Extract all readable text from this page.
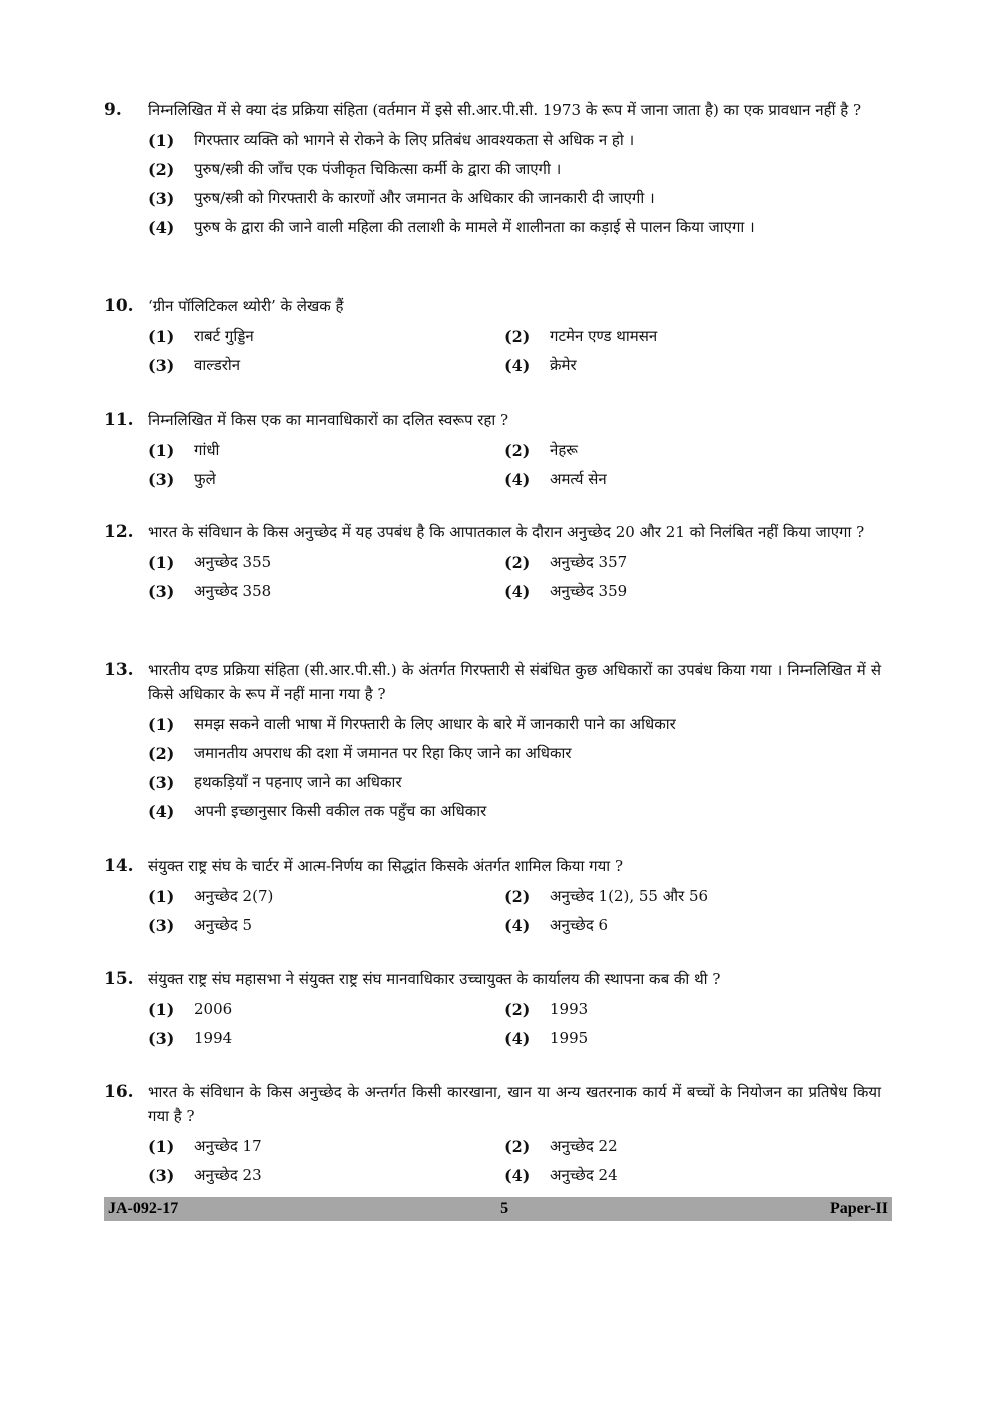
9.	निम्नलिखित में से क्या दंड प्रक्रिया संहिता (वर्तमान में इसे सी.आर.पी.सी. 1973 के रूप में जाना जाता है) का एक प्रावधान नहीं है ?
(1)	गिरफ्तार व्यक्ति को भागने से रोकने के लिए प्रतिबंध आवश्यकता से अधिक न हो ।
(2)	पुरुष/स्त्री की जाँच एक पंजीकृत चिकित्सा कर्मी के द्वारा की जाएगी ।
(3)	पुरुष/स्त्री को गिरफ्तारी के कारणों और जमानत के अधिकार की जानकारी दी जाएगी ।
(4)	पुरुष के द्वारा की जाने वाली महिला की तलाशी के मामले में शालीनता का कड़ाई से पालन किया जाएगा ।
10. ‘ग्रीन पॉलिटिकल थ्योरी’ के लेखक हैं
(1)	राबर्ट गुड्डिन	(2)	गटमेन एण्ड थामसन
(3)	वाल्डरोन	(4)	क्रेमेर
11. निम्नलिखित में किस एक का मानवाधिकारों का दलित स्वरूप रहा ?
(1)	गांधी	(2)	नेहरू
(3)	फुले	(4)	अमर्त्य सेन
12. भारत के संविधान के किस अनुच्छेद में यह उपबंध है कि आपातकाल के दौरान अनुच्छेद 20 और 21 को निलंबित नहीं किया जाएगा ?
(1)	अनुच्छेद 355	(2)	अनुच्छेद 357
(3)	अनुच्छेद 358	(4)	अनुच्छेद 359
13. भारतीय दण्ड प्रक्रिया संहिता (सी.आर.पी.सी.) के अंतर्गत गिरफ्तारी से संबंधित कुछ अधिकारों का उपबंध किया गया । निम्नलिखित में से किसे अधिकार के रूप में नहीं माना गया है ?
(1)	समझ सकने वाली भाषा में गिरफ्तारी के लिए आधार के बारे में जानकारी पाने का अधिकार
(2)	जमानतीय अपराध की दशा में जमानत पर रिहा किए जाने का अधिकार
(3)	हथकड़ियाँ न पहनाए जाने का अधिकार
(4)	अपनी इच्छानुसार किसी वकील तक पहुँच का अधिकार
14. संयुक्त राष्ट्र संघ के चार्टर में आत्म-निर्णय का सिद्धांत किसके अंतर्गत शामिल किया गया ?
(1)	अनुच्छेद 2(7)	(2)	अनुच्छेद 1(2), 55 और 56
(3)	अनुच्छेद 5	(4)	अनुच्छेद 6
15. संयुक्त राष्ट्र संघ महासभा ने संयुक्त राष्ट्र संघ मानवाधिकार उच्चायुक्त के कार्यालय की स्थापना कब की थी ?
(1)	2006	(2)	1993
(3)	1994	(4)	1995
16. भारत के संविधान के किस अनुच्छेद के अन्तर्गत किसी कारखाना, खान या अन्य खतरनाक कार्य में बच्चों के नियोजन का प्रतिषेध किया गया है ?
(1)	अनुच्छेद 17	(2)	अनुच्छेद 22
(3)	अनुच्छेद 23	(4)	अनुच्छेद 24
JA-092-17	5	Paper-II
